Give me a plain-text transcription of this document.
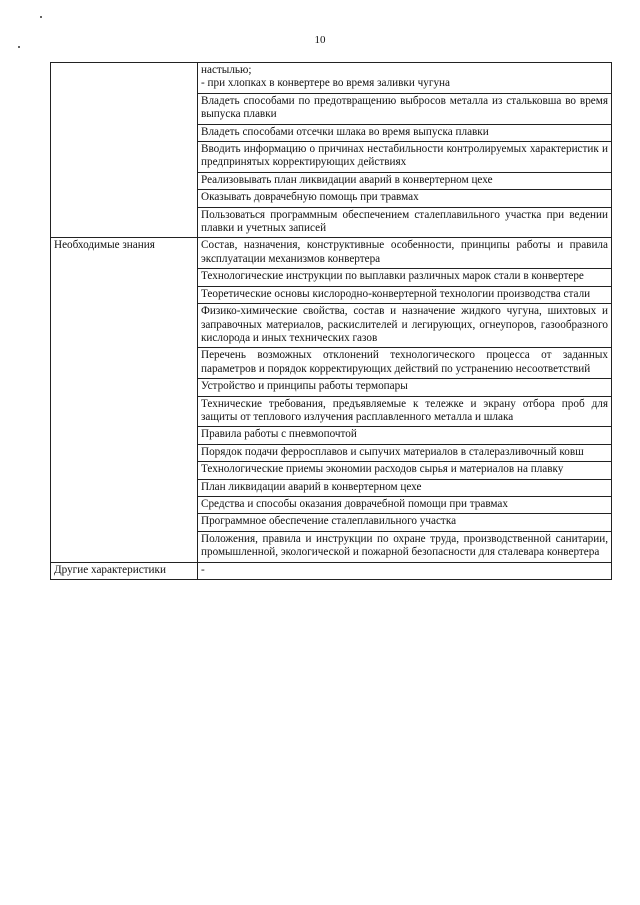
10
	настылью;
- при хлопках в конвертере во время заливки чугуна
	Владеть способами по предотвращению выбросов металла из стальковша во время выпуска плавки
	Владеть способами отсечки шлака во время выпуска плавки
	Вводить информацию о причинах нестабильности контролируемых характеристик и предпринятых корректирующих действиях
	Реализовывать план ликвидации аварий в конвертерном цехе
	Оказывать доврачебную помощь при травмах
	Пользоваться программным обеспечением сталеплавильного участка при ведении плавки и учетных записей
Необходимые знания	Состав, назначения, конструктивные особенности, принципы работы и правила эксплуатации механизмов конвертера
	Технологические инструкции по выплавки различных марок стали в конвертере
	Теоретические основы кислородно-конвертерной технологии производства стали
	Физико-химические свойства, состав и назначение жидкого чугуна, шихтовых и заправочных материалов, раскислителей и легирующих, огнеупоров, газообразного кислорода и иных технических газов
	Перечень возможных отклонений технологического процесса от заданных параметров и порядок корректирующих действий по устранению несоответствий
	Устройство и принципы работы термопары
	Технические требования, предъявляемые к тележке и экрану отбора проб для защиты от теплового излучения расплавленного металла и шлака
	Правила работы с пневмопочтой
	Порядок подачи ферросплавов и сыпучих материалов в сталеразливочный ковш
	Технологические приемы экономии расходов сырья и материалов на плавку
	План ликвидации аварий в конвертерном цехе
	Средства и способы оказания доврачебной помощи при травмах
	Программное обеспечение сталеплавильного участка
	Положения, правила и инструкции по охране труда, производственной санитарии, промышленной, экологической и пожарной безопасности для сталевара конвертера
Другие характеристики	-
